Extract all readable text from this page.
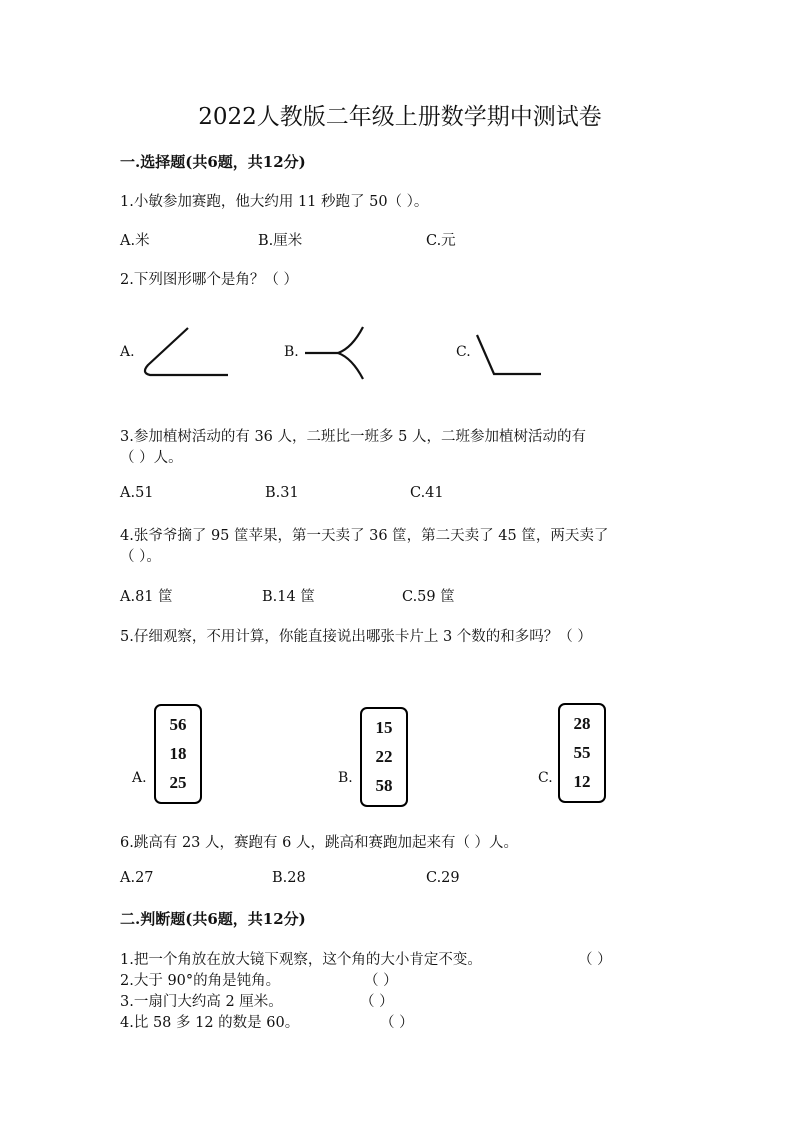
2022人教版二年级上册数学期中测试卷
一.选择题(共6题，共12分)
1.小敏参加赛跑，他大约用 11 秒跑了 50（ ）。
A.米	B.厘米	C.元
2.下列图形哪个是角？（ ）
A.	B.	C.
3.参加植树活动的有 36 人，二班比一班多 5 人，二班参加植树活动的有
（ ）人。
A.51	B.31	C.41
4.张爷爷摘了 95 筐苹果，第一天卖了 36 筐，第二天卖了 45 筐，两天卖了
（ ）。
A.81 筐	B.14 筐	C.59 筐
5.仔细观察，不用计算，你能直接说出哪张卡片上 3 个数的和多吗？（ ）
A.
56
18
25	B.
15
22
58	C.
28
55
12
6.跳高有 23 人，赛跑有 6 人，跳高和赛跑加起来有（ ）人。
A.27	B.28	C.29
二.判断题(共6题，共12分)
1.把一个角放在放大镜下观察，这个角的大小肯定不变。	（ ）
2.大于 90°的角是钝角。	（ ）
3.一扇门大约高 2 厘米。	（ ）
4.比 58 多 12 的数是 60。	（ ）
